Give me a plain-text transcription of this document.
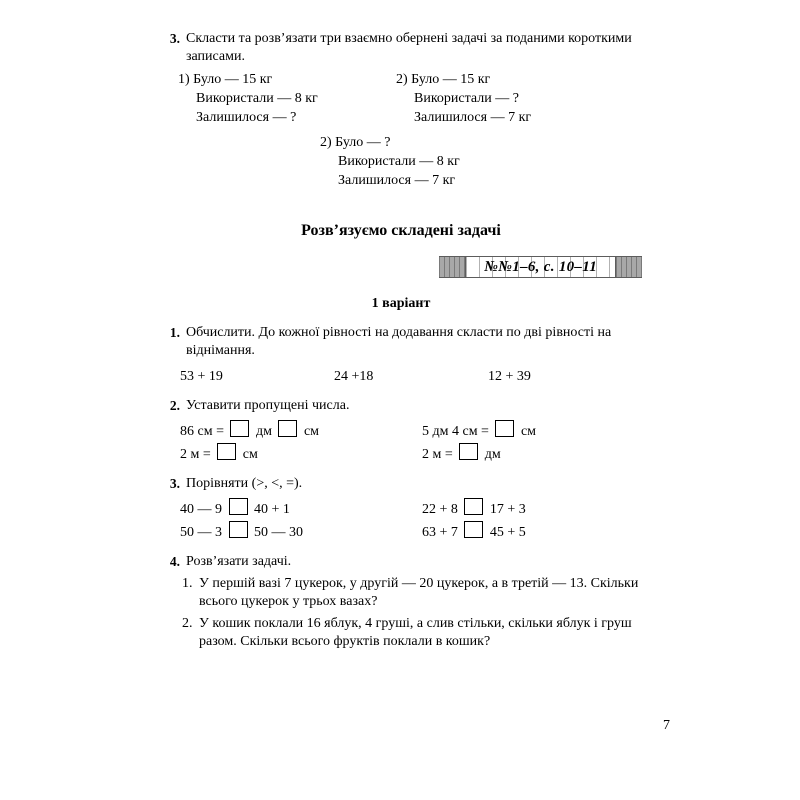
3. Скласти та розв’язати три взаємно обернені задачі за поданими короткими записами.
1) Було — 15 кг
Використали — 8 кг
Залишилося — ?
2) Було — 15 кг
Використали — ?
Залишилося — 7 кг
2) Було — ?
Використали — 8 кг
Залишилося — 7 кг
Розв’язуємо складені задачі
№№1–6, с. 10–11
1 варіант
1. Обчислити. До кожної рівності на додавання скласти по дві рівності на віднімання.
53 + 19	24 +18	12 + 39
2. Уставити пропущені числа.
86 см = дм см	5 дм 4 см = см
2 м = см	2 м = дм
3. Порівняти (>, <, =).
40 — 9 40 + 1	22 + 8 17 + 3
50 — 3 50 — 30	63 + 7 45 + 5
4. Розв’язати задачі.
1. У першій вазі 7 цукерок, у другій — 20 цукерок, а в третій — 13. Скільки всього цукерок у трьох вазах?
2. У кошик поклали 16 яблук, 4 груші, а слив стільки, скільки яблук і груш разом. Скільки всього фруктів поклали в кошик?
7
